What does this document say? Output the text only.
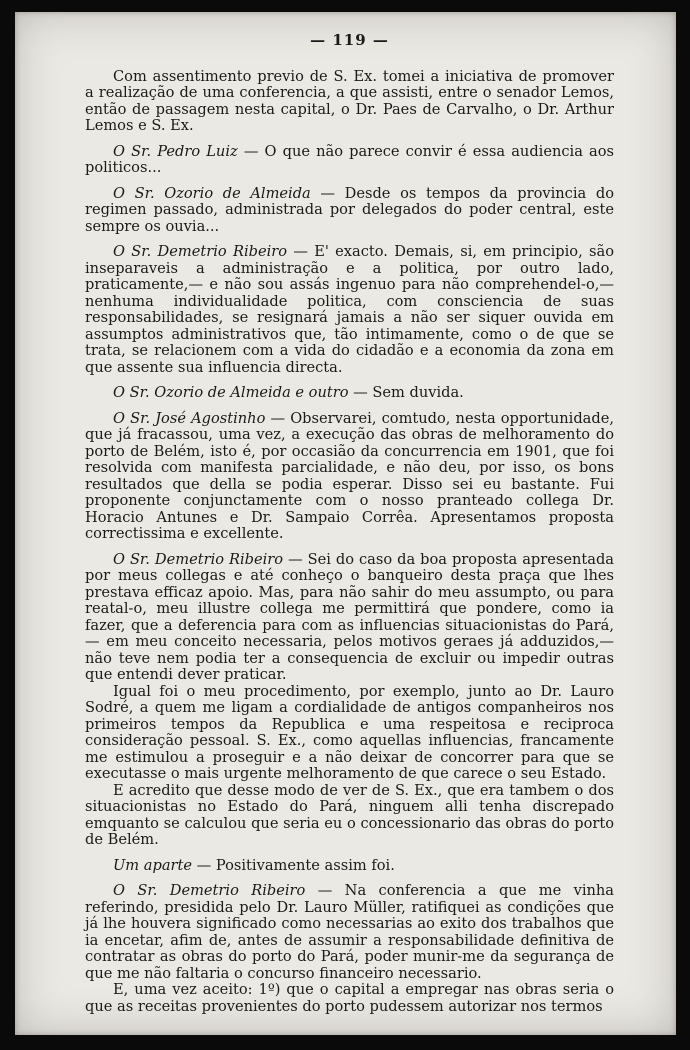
— 119 —

Com assentimento previo de S. Ex. tomei a iniciativa de promover a realização de uma conferencia, a que assisti, entre o senador Lemos, então de passagem nesta capital, o Dr. Paes de Carvalho, o Dr. Arthur Lemos e S. Ex.

O Sr. Pedro Luiz — O que não parece convir é essa audiencia aos politicos...

O Sr. Ozorio de Almeida — Desde os tempos da provincia do regimen passado, administrada por delegados do poder central, este sempre os ouvia...

O Sr. Demetrio Ribeiro — E' exacto. Demais, si, em principio, são inseparaveis a administração e a politica, por outro lado, praticamente,— e não sou assás ingenuo para não comprehendel-o,— nenhuma individualidade politica, com consciencia de suas responsabilidades, se resignará jamais a não ser siquer ouvida em assumptos administrativos que, tão intimamente, como o de que se trata, se relacionem com a vida do cidadão e a economia da zona em que assente sua influencia directa.

O Sr. Ozorio de Almeida e outro — Sem duvida.

O Sr. José Agostinho — Observarei, comtudo, nesta opportunidade, que já fracassou, uma vez, a execução das obras de melhoramento do porto de Belém, isto é, por occasião da concurrencia em 1901, que foi resolvida com manifesta parcialidade, e não deu, por isso, os bons resultados que della se podia esperar. Disso sei eu bastante. Fui proponente conjunctamente com o nosso pranteado collega Dr. Horacio Antunes e Dr. Sampaio Corrêa. Apresentamos proposta correctissima e excellente.

O Sr. Demetrio Ribeiro — Sei do caso da boa proposta apresentada por meus collegas e até conheço o banqueiro desta praça que lhes prestava efficaz apoio. Mas, para não sahir do meu assumpto, ou para reatal-o, meu illustre collega me permittirá que pondere, como ia fazer, que a deferencia para com as influencias situacionistas do Pará,— em meu conceito necessaria, pelos motivos geraes já adduzidos,— não teve nem podia ter a consequencia de excluir ou impedir outras que entendi dever praticar.

Igual foi o meu procedimento, por exemplo, junto ao Dr. Lauro Sodré, a quem me ligam a cordialidade de antigos companheiros nos primeiros tempos da Republica e uma respeitosa e reciproca consideração pessoal. S. Ex., como aquellas influencias, francamente me estimulou a proseguir e a não deixar de concorrer para que se executasse o mais urgente melhoramento de que carece o seu Estado.

E acredito que desse modo de ver de S. Ex., que era tambem o dos situacionistas no Estado do Pará, ninguem alli tenha discrepado emquanto se calculou que seria eu o concessionario das obras do porto de Belém.

Um aparte — Positivamente assim foi.

O Sr. Demetrio Ribeiro — Na conferencia a que me vinha referindo, presidida pelo Dr. Lauro Müller, ratifiquei as condições que já lhe houvera significado como necessarias ao exito dos trabalhos que ia encetar, afim de, antes de assumir a responsabilidade definitiva de contratar as obras do porto do Pará, poder munir-me da segurança de que me não faltaria o concurso financeiro necessario.

E, uma vez aceito: 1º) que o capital a empregar nas obras seria o que as receitas provenientes do porto pudessem autorizar nos termos
